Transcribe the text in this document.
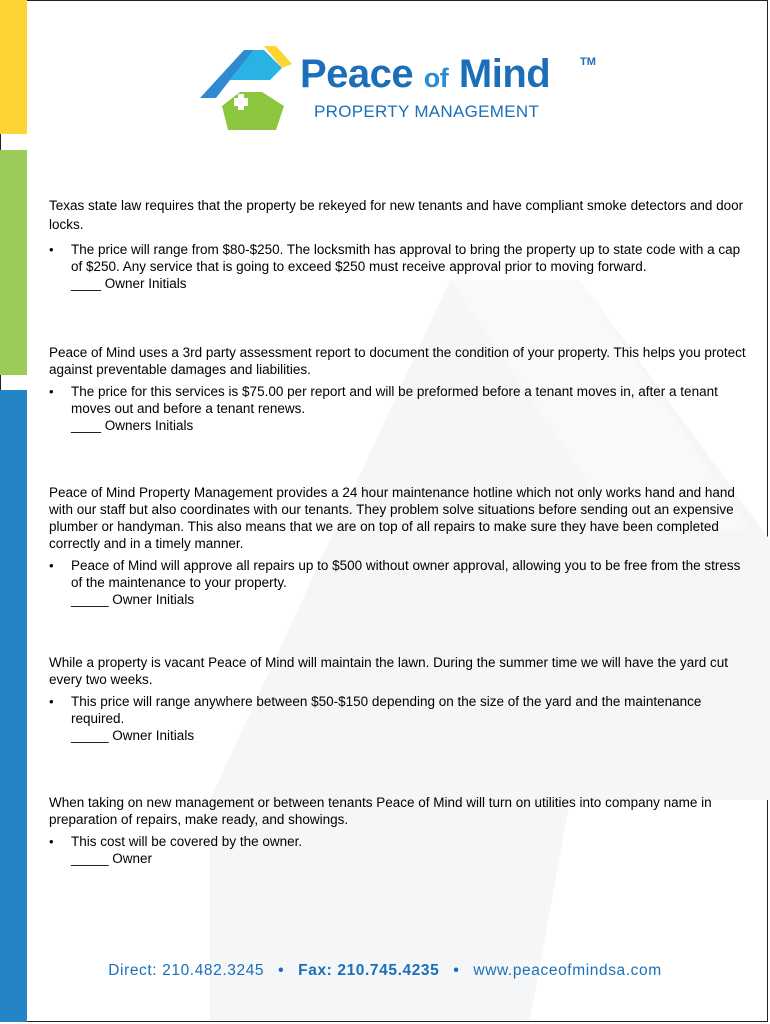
Peace of Mind	TM
PROPERTY MANAGEMENT

Texas state law requires that the property be rekeyed for new tenants and have compliant smoke detectors and door locks.

• The price will range from $80-$250. The locksmith has approval to bring the property up to state code with a cap of $250. Any service that is going to exceed $250 must receive approval prior to moving forward.
____ Owner Initials

Peace of Mind uses a 3rd party assessment report to document the condition of your property. This helps you protect against preventable damages and liabilities.

• The price for this services is $75.00 per report and will be preformed before a tenant moves in, after a tenant moves out and before a tenant renews.
____ Owners Initials

Peace of Mind Property Management provides a 24 hour maintenance hotline which not only works hand and hand with our staff but also coordinates with our tenants. They problem solve situations before sending out an expensive plumber or handyman. This also means that we are on top of all repairs to make sure they have been completed correctly and in a timely manner.

• Peace of Mind will approve all repairs up to $500 without owner approval, allowing you to be free from the stress of the maintenance to your property.
_____ Owner Initials

While a property is vacant Peace of Mind will maintain the lawn. During the summer time we will have the yard cut every two weeks.

• This price will range anywhere between $50-$150 depending on the size of the yard and the maintenance required.
_____ Owner Initials

When taking on new management or between tenants Peace of Mind will turn on utilities into company name in preparation of repairs, make ready, and showings.

• This cost will be covered by the owner.
_____ Owner
Direct: 210.482.3245 • Fax: 210.745.4235 • www.peaceofmindsa.com
